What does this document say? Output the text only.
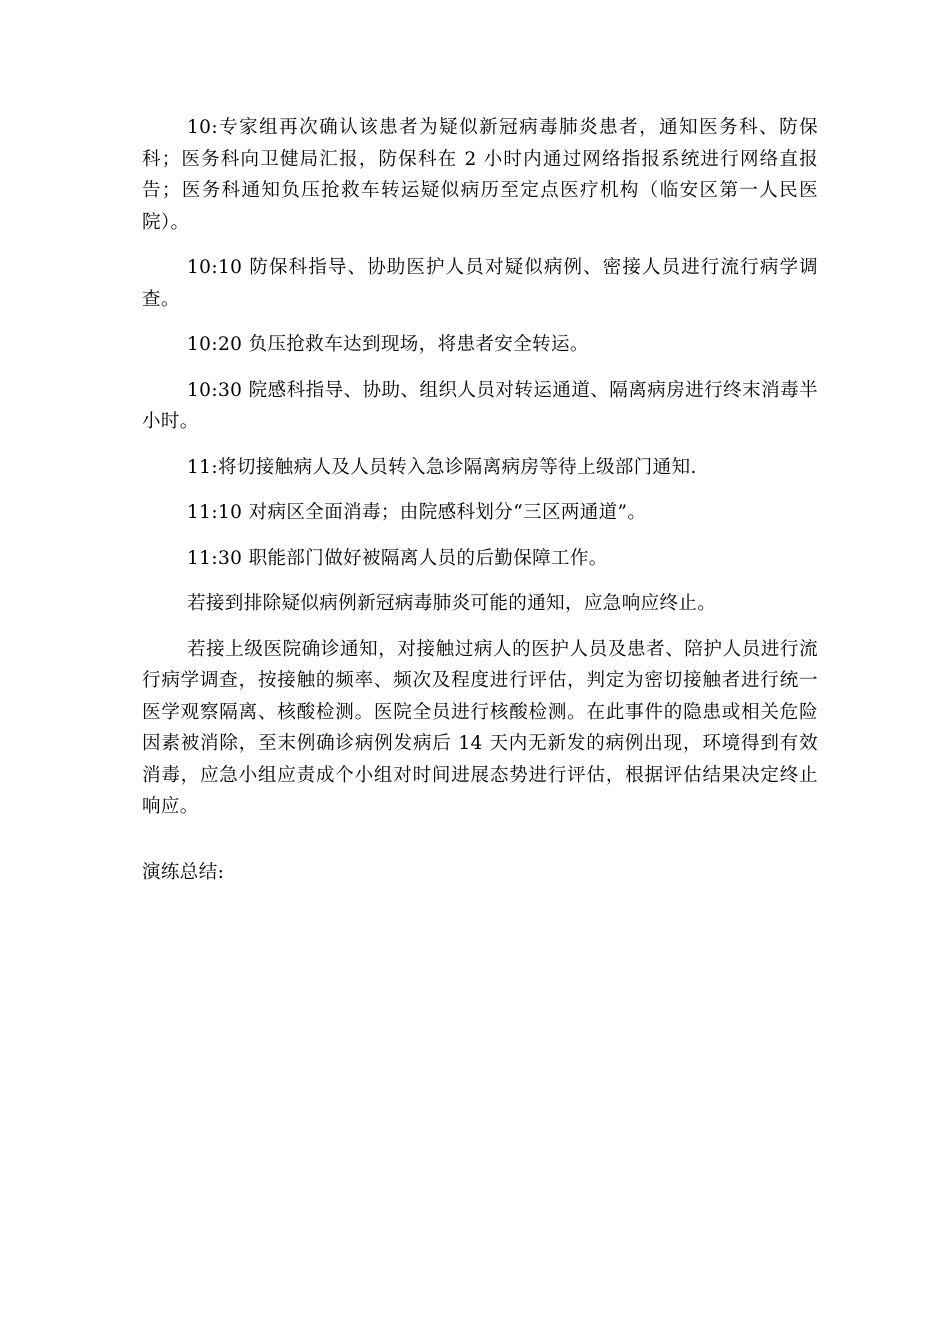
10:专家组再次确认该患者为疑似新冠病毒肺炎患者，通知医务科、防保科；医务科向卫健局汇报，防保科在 2 小时内通过网络指报系统进行网络直报告；医务科通知负压抢救车转运疑似病历至定点医疗机构（临安区第一人民医院）。

10:10 防保科指导、协助医护人员对疑似病例、密接人员进行流行病学调查。

10:20 负压抢救车达到现场，将患者安全转运。

10:30 院感科指导、协助、组织人员对转运通道、隔离病房进行终末消毒半小时。

11:将切接触病人及人员转入急诊隔离病房等待上级部门通知.

11:10 对病区全面消毒；由院感科划分“三区两通道”。

11:30 职能部门做好被隔离人员的后勤保障工作。

若接到排除疑似病例新冠病毒肺炎可能的通知，应急响应终止。

若接上级医院确诊通知，对接触过病人的医护人员及患者、陪护人员进行流行病学调查，按接触的频率、频次及程度进行评估，判定为密切接触者进行统一医学观察隔离、核酸检测。医院全员进行核酸检测。在此事件的隐患或相关危险因素被消除，至末例确诊病例发病后 14 天内无新发的病例出现，环境得到有效消毒，应急小组应责成个小组对时间进展态势进行评估，根据评估结果决定终止响应。

演练总结:
